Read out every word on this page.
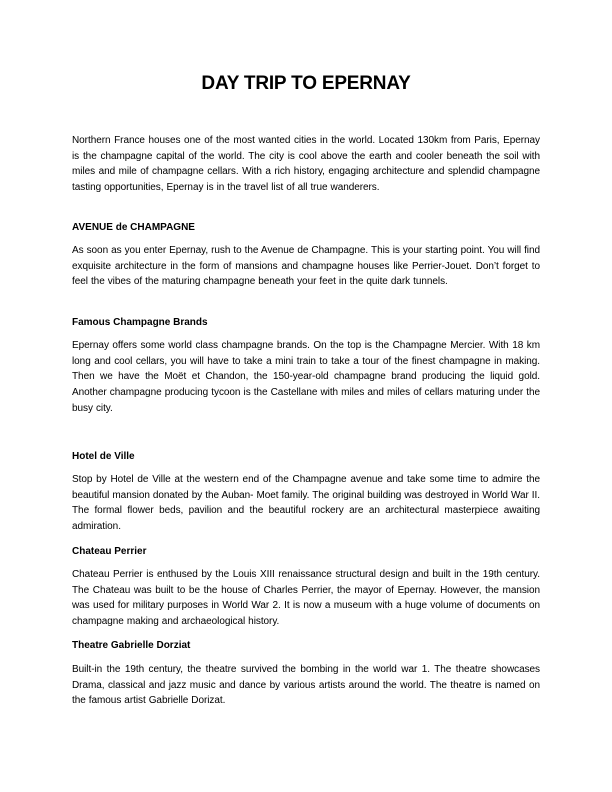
DAY TRIP TO EPERNAY
Northern France houses one of the most wanted cities in the world. Located 130km from Paris, Epernay is the champagne capital of the world. The city is cool above the earth and cooler beneath the soil with miles and mile of champagne cellars. With a rich history, engaging architecture and splendid champagne tasting opportunities, Epernay is in the travel list of all true wanderers.
AVENUE de CHAMPAGNE
As soon as you enter Epernay, rush to the Avenue de Champagne. This is your starting point. You will find exquisite architecture in the form of mansions and champagne houses like Perrier-Jouet. Don’t forget to feel the vibes of the maturing champagne beneath your feet in the quite dark tunnels.
Famous Champagne Brands
Epernay offers some world class champagne brands. On the top is the Champagne Mercier. With 18 km long and cool cellars, you will have to take a mini train to take a tour of the finest champagne in making. Then we have the Moët et Chandon, the 150-year-old champagne brand producing the liquid gold. Another champagne producing tycoon is the Castellane with miles and miles of cellars maturing under the busy city.
Hotel de Ville
Stop by Hotel de Ville at the western end of the Champagne avenue and take some time to admire the beautiful mansion donated by the Auban- Moet family. The original building was destroyed in World War II. The formal flower beds, pavilion and the beautiful rockery are an architectural masterpiece awaiting admiration.
Chateau Perrier
Chateau Perrier is enthused by the Louis XIII renaissance structural design and built in the 19th century. The Chateau was built to be the house of Charles Perrier, the mayor of Epernay. However, the mansion was used for military purposes in World War 2. It is now a museum with a huge volume of documents on champagne making and archaeological history.
Theatre Gabrielle Dorziat
Built-in the 19th century, the theatre survived the bombing in the world war 1. The theatre showcases Drama, classical and jazz music and dance by various artists around the world. The theatre is named on the famous artist Gabrielle Dorizat.
